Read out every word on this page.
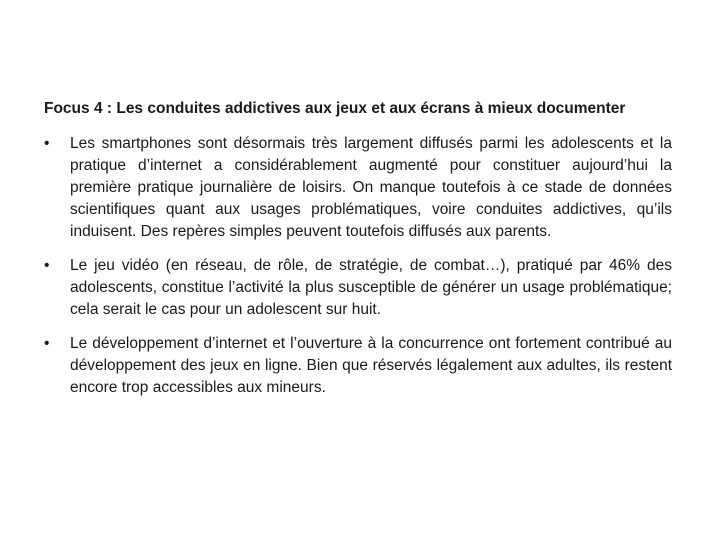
Focus 4 : Les conduites addictives aux jeux et aux écrans à mieux documenter
•	Les smartphones sont désormais très largement diffusés parmi les adolescents et la pratique d’internet a considérablement augmenté pour constituer aujourd’hui la première pratique journalière de loisirs. On manque toutefois à ce stade de données scientifiques quant aux usages problématiques, voire conduites addictives, qu’ils induisent. Des repères simples peuvent toutefois diffusés aux parents.
•	Le jeu vidéo (en réseau, de rôle, de stratégie, de combat…), pratiqué par 46% des adolescents, constitue l’activité la plus susceptible de générer un usage problématique; cela serait le cas pour un adolescent sur huit.
•	Le développement d’internet et l’ouverture à la concurrence ont fortement contribué au développement des jeux en ligne. Bien que réservés légalement aux adultes, ils restent encore trop accessibles aux mineurs.
